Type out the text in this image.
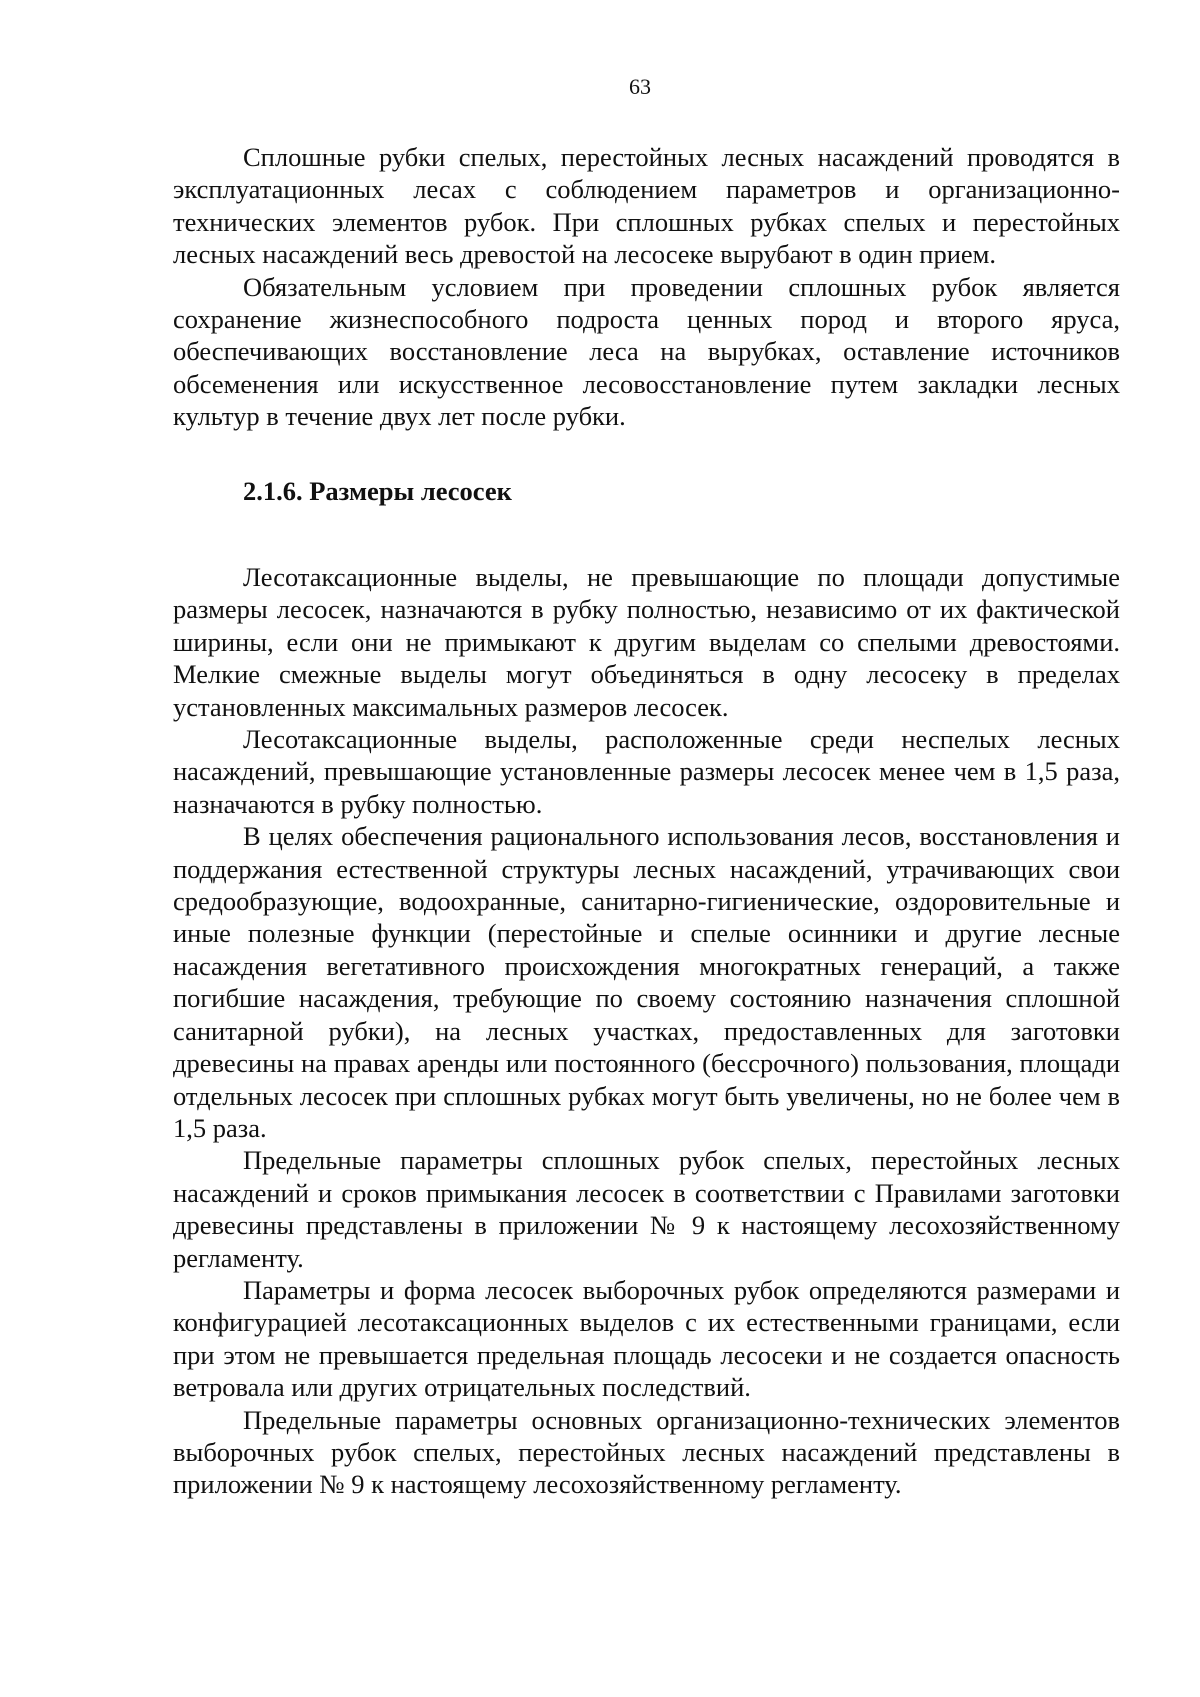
63

Сплошные рубки спелых, перестойных лесных насаждений проводятся в эксплуатационных лесах с соблюдением параметров и организационно-технических элементов рубок. При сплошных рубках спелых и перестойных лесных насаждений весь древостой на лесосеке вырубают в один прием.

Обязательным условием при проведении сплошных рубок является сохранение жизнеспособного подроста ценных пород и второго яруса, обеспечивающих восстановление леса на вырубках, оставление источников обсеменения или искусственное лесовосстановление путем закладки лесных культур в течение двух лет после рубки.

2.1.6. Размеры лесосек

Лесотаксационные выделы, не превышающие по площади допустимые размеры лесосек, назначаются в рубку полностью, независимо от их фактической ширины, если они не примыкают к другим выделам со спелыми древостоями. Мелкие смежные выделы могут объединяться в одну лесосеку в пределах установленных максимальных размеров лесосек.

Лесотаксационные выделы, расположенные среди неспелых лесных насаждений, превышающие установленные размеры лесосек менее чем в 1,5 раза, назначаются в рубку полностью.

В целях обеспечения рационального использования лесов, восстановления и поддержания естественной структуры лесных насаждений, утрачивающих свои средообразующие, водоохранные, санитарно-гигиенические, оздоровительные и иные полезные функции (перестойные и спелые осинники и другие лесные насаждения вегетативного происхождения многократных генераций, а также погибшие насаждения, требующие по своему состоянию назначения сплошной санитарной рубки), на лесных участках, предоставленных для заготовки древесины на правах аренды или постоянного (бессрочного) пользования, площади отдельных лесосек при сплошных рубках могут быть увеличены, но не более чем в 1,5 раза.

Предельные параметры сплошных рубок спелых, перестойных лесных насаждений и сроков примыкания лесосек в соответствии с Правилами заготовки древесины представлены в приложении № 9 к настоящему лесохозяйственному регламенту.

Параметры и форма лесосек выборочных рубок определяются размерами и конфигурацией лесотаксационных выделов с их естественными границами, если при этом не превышается предельная площадь лесосеки и не создается опасность ветровала или других отрицательных последствий.

Предельные параметры основных организационно-технических элементов выборочных рубок спелых, перестойных лесных насаждений представлены в приложении № 9 к настоящему лесохозяйственному регламенту.
